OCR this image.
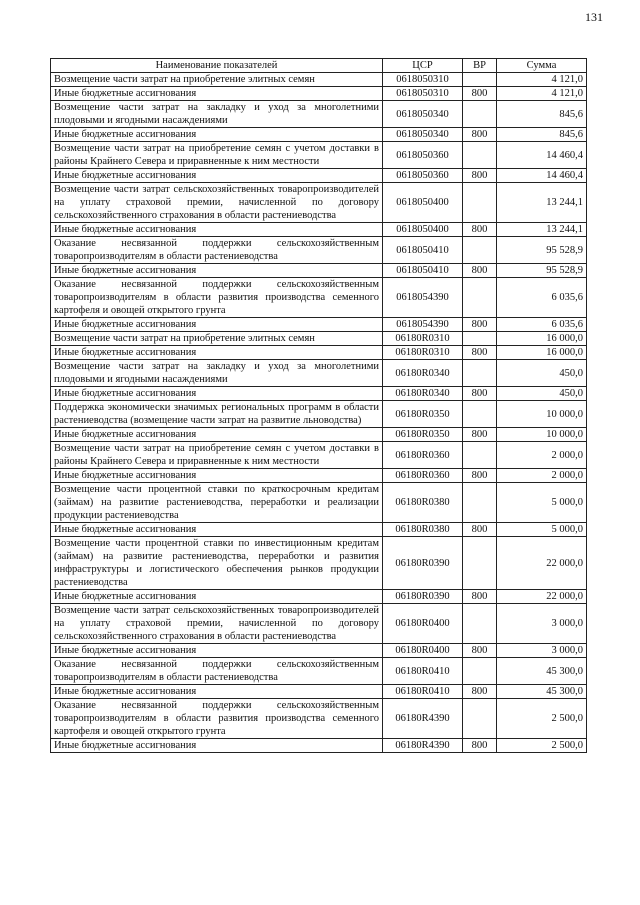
131
Наименование показателей	ЦСР	ВР	Сумма
Возмещение части затрат на приобретение элитных семян	0618050310		4 121,0
Иные бюджетные ассигнования	0618050310	800	4 121,0
Возмещение части затрат на закладку и уход за многолетними плодовыми и ягодными насаждениями	0618050340		845,6
Иные бюджетные ассигнования	0618050340	800	845,6
Возмещение части затрат на приобретение семян с учетом доставки в районы Крайнего Севера и приравненные к ним местности	0618050360		14 460,4
Иные бюджетные ассигнования	0618050360	800	14 460,4
Возмещение части затрат сельскохозяйственных товаропроизводителей на уплату страховой премии, начисленной по договору сельскохозяйственного страхования в области растениеводства	0618050400		13 244,1
Иные бюджетные ассигнования	0618050400	800	13 244,1
Оказание несвязанной поддержки сельскохозяйственным товаропроизводителям в области растениеводства	0618050410		95 528,9
Иные бюджетные ассигнования	0618050410	800	95 528,9
Оказание несвязанной поддержки сельскохозяйственным товаропроизводителям в области развития производства семенного картофеля и овощей открытого грунта	0618054390		6 035,6
Иные бюджетные ассигнования	0618054390	800	6 035,6
Возмещение части затрат на приобретение элитных семян	06180R0310		16 000,0
Иные бюджетные ассигнования	06180R0310	800	16 000,0
Возмещение части затрат на закладку и уход за многолетними плодовыми и ягодными насаждениями	06180R0340		450,0
Иные бюджетные ассигнования	06180R0340	800	450,0
Поддержка экономически значимых региональных программ в области растениеводства (возмещение части затрат на развитие льноводства)	06180R0350		10 000,0
Иные бюджетные ассигнования	06180R0350	800	10 000,0
Возмещение части затрат на приобретение семян с учетом доставки в районы Крайнего Севера и приравненные к ним местности	06180R0360		2 000,0
Иные бюджетные ассигнования	06180R0360	800	2 000,0
Возмещение части процентной ставки по краткосрочным кредитам (займам) на развитие растениеводства, переработки и реализации продукции растениеводства	06180R0380		5 000,0
Иные бюджетные ассигнования	06180R0380	800	5 000,0
Возмещение части процентной ставки по инвестиционным кредитам (займам) на развитие растениеводства, переработки и развития инфраструктуры и логистического обеспечения рынков продукции растениеводства	06180R0390		22 000,0
Иные бюджетные ассигнования	06180R0390	800	22 000,0
Возмещение части затрат сельскохозяйственных товаропроизводителей на уплату страховой премии, начисленной по договору сельскохозяйственного страхования в области растениеводства	06180R0400		3 000,0
Иные бюджетные ассигнования	06180R0400	800	3 000,0
Оказание несвязанной поддержки сельскохозяйственным товаропроизводителям в области растениеводства	06180R0410		45 300,0
Иные бюджетные ассигнования	06180R0410	800	45 300,0
Оказание несвязанной поддержки сельскохозяйственным товаропроизводителям в области развития производства семенного картофеля и овощей открытого грунта	06180R4390		2 500,0
Иные бюджетные ассигнования	06180R4390	800	2 500,0
